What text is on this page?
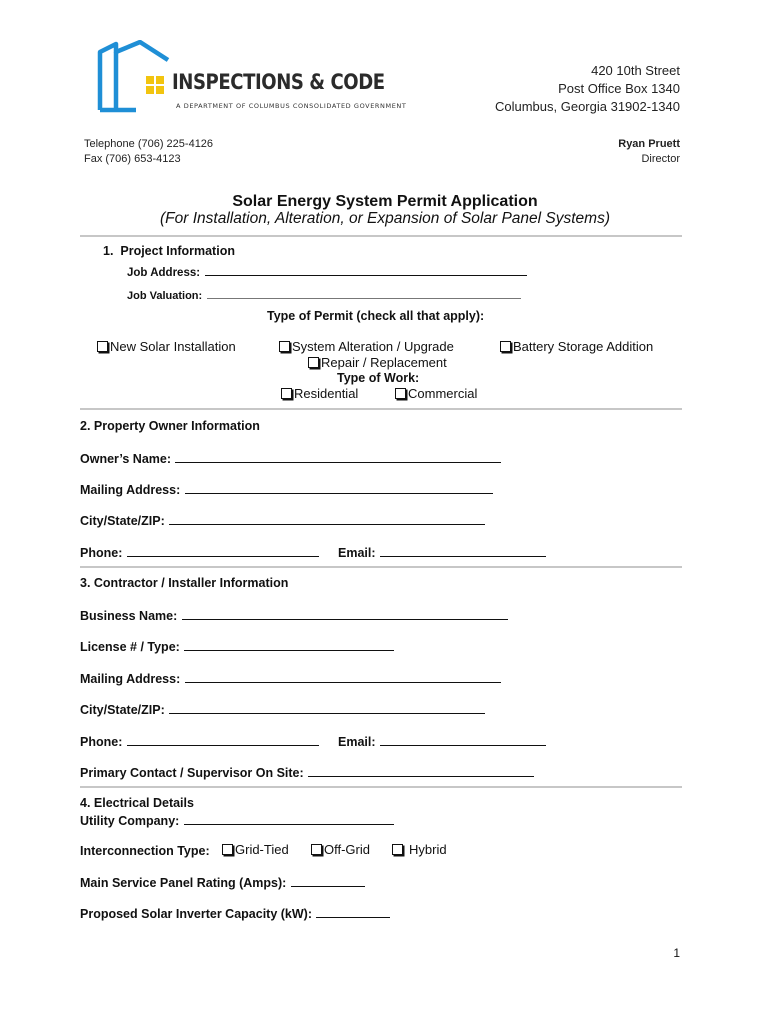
INSPECTIONS & CODE
A DEPARTMENT OF COLUMBUS CONSOLIDATED GOVERNMENT
420 10th Street
Post Office Box 1340
Columbus, Georgia 31902-1340
Telephone (706) 225-4126
Fax (706) 653-4123
Ryan Pruett
Director
Solar Energy System Permit Application
(For Installation, Alteration, or Expansion of Solar Panel Systems)
1.  Project Information
Job Address:
Job Valuation:
Type of Permit (check all that apply):
New Solar Installation	System Alteration / Upgrade	Battery Storage Addition
Repair / Replacement
Type of Work:
Residential	Commercial
2. Property Owner Information
Owner’s Name:
Mailing Address:
City/State/ZIP:
Phone:	Email:
3. Contractor / Installer Information
Business Name:
License # / Type:
Mailing Address:
City/State/ZIP:
Phone:	Email:
Primary Contact / Supervisor On Site:
4. Electrical Details
Utility Company:
Interconnection Type:	Grid-Tied	Off-Grid	Hybrid
Main Service Panel Rating (Amps):
Proposed Solar Inverter Capacity (kW):
1
